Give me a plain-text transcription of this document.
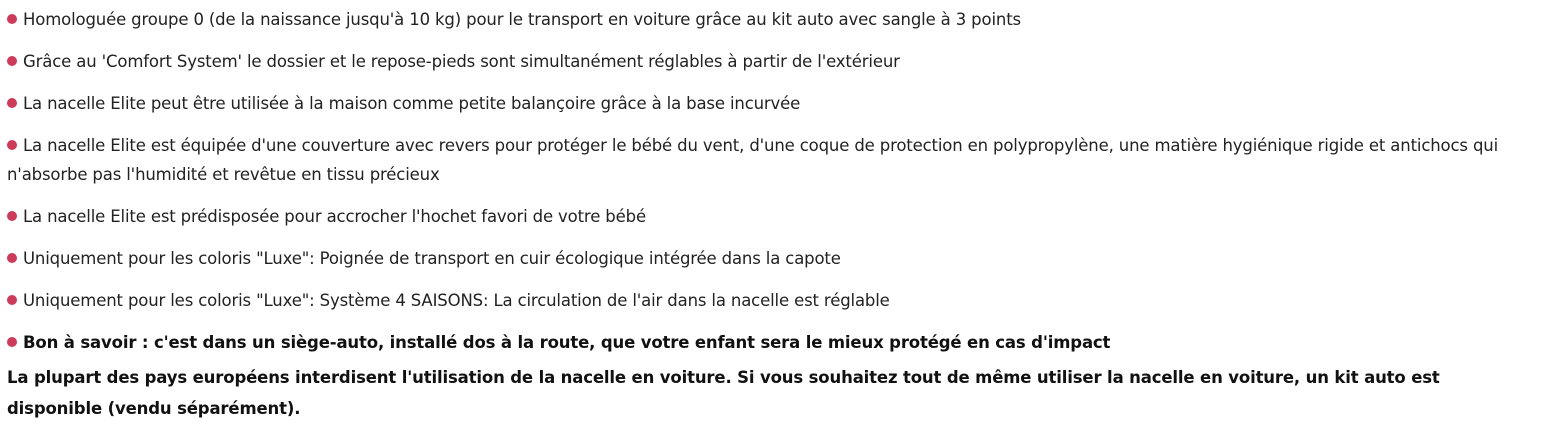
Homologuée groupe 0 (de la naissance jusqu'à 10 kg) pour le transport en voiture grâce au kit auto avec sangle à 3 points
Grâce au 'Comfort System' le dossier et le repose-pieds sont simultanément réglables à partir de l'extérieur
La nacelle Elite peut être utilisée à la maison comme petite balançoire grâce à la base incurvée
La nacelle Elite est équipée d'une couverture avec revers pour protéger le bébé du vent, d'une coque de protection en polypropylène, une matière hygiénique rigide et antichocs qui n'absorbe pas l'humidité et revêtue en tissu précieux
La nacelle Elite est prédisposée pour accrocher l'hochet favori de votre bébé
Uniquement pour les coloris "Luxe": Poignée de transport en cuir écologique intégrée dans la capote
Uniquement pour les coloris "Luxe": Système 4 SAISONS: La circulation de l'air dans la nacelle est réglable
Bon à savoir : c'est dans un siège-auto, installé dos à la route, que votre enfant sera le mieux protégé en cas d'impact

La plupart des pays européens interdisent l'utilisation de la nacelle en voiture. Si vous souhaitez tout de même utiliser la nacelle en voiture, un kit auto est disponible (vendu séparément).
